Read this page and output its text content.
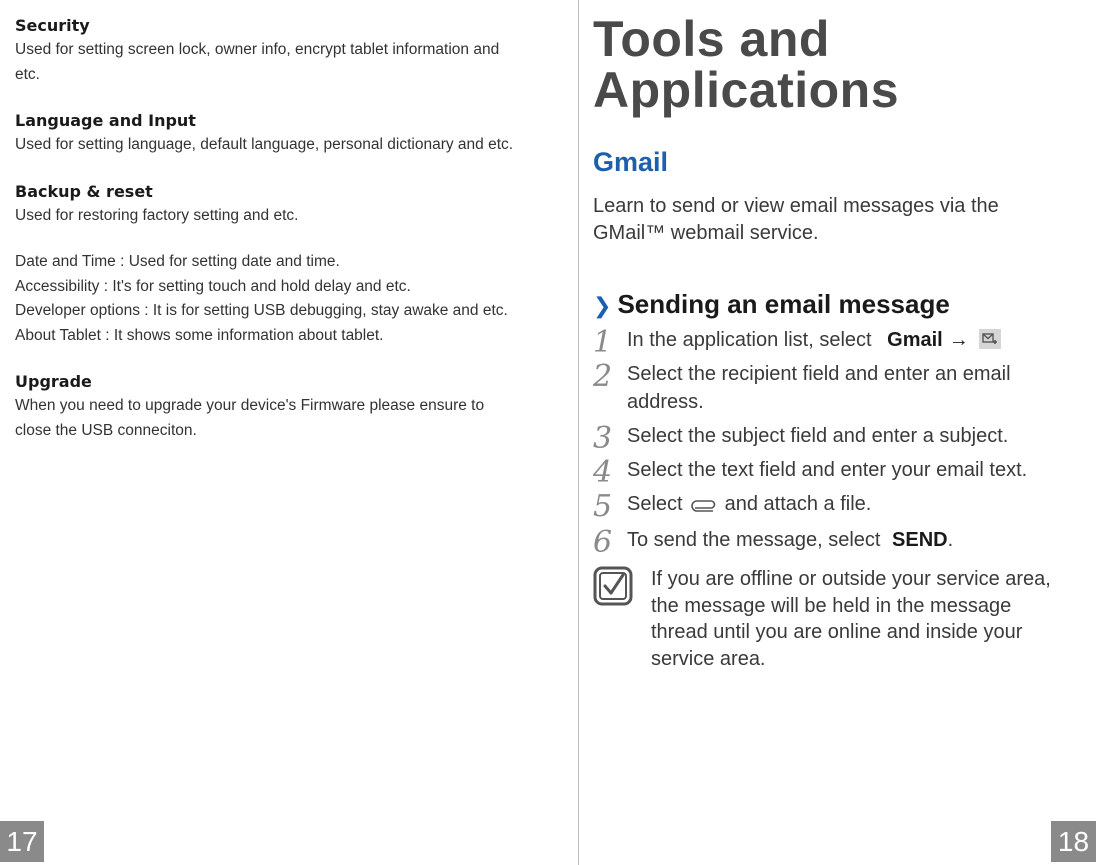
Security

Used for setting screen lock, owner info, encrypt tablet information and etc.

Language and Input

Used for setting language, default language, personal dictionary and etc.

Backup & reset

Used for restoring factory setting and etc.

Date and Time : Used for setting date and time.

Accessibility : It's for setting touch and hold delay and etc.

Developer options : It is for setting USB debugging, stay awake and etc.

About Tablet : It shows some information about tablet.

Upgrade

When you need to upgrade your device's Firmware please ensure to close the USB conneciton.

17
Tools and Applications
Gmail

Learn to send or view email messages via the GMail™ webmail service.

❯ Sending an email message
1 In the application list, select Gmail →
2 Select the recipient field and enter an email address.
3 Select the subject field and enter a subject.
4 Select the text field and enter your email text.
5 Select and attach a file.
6 To send the message, select SEND.
If you are offline or outside your service area, the message will be held in the message thread until you are online and inside your service area.
18
